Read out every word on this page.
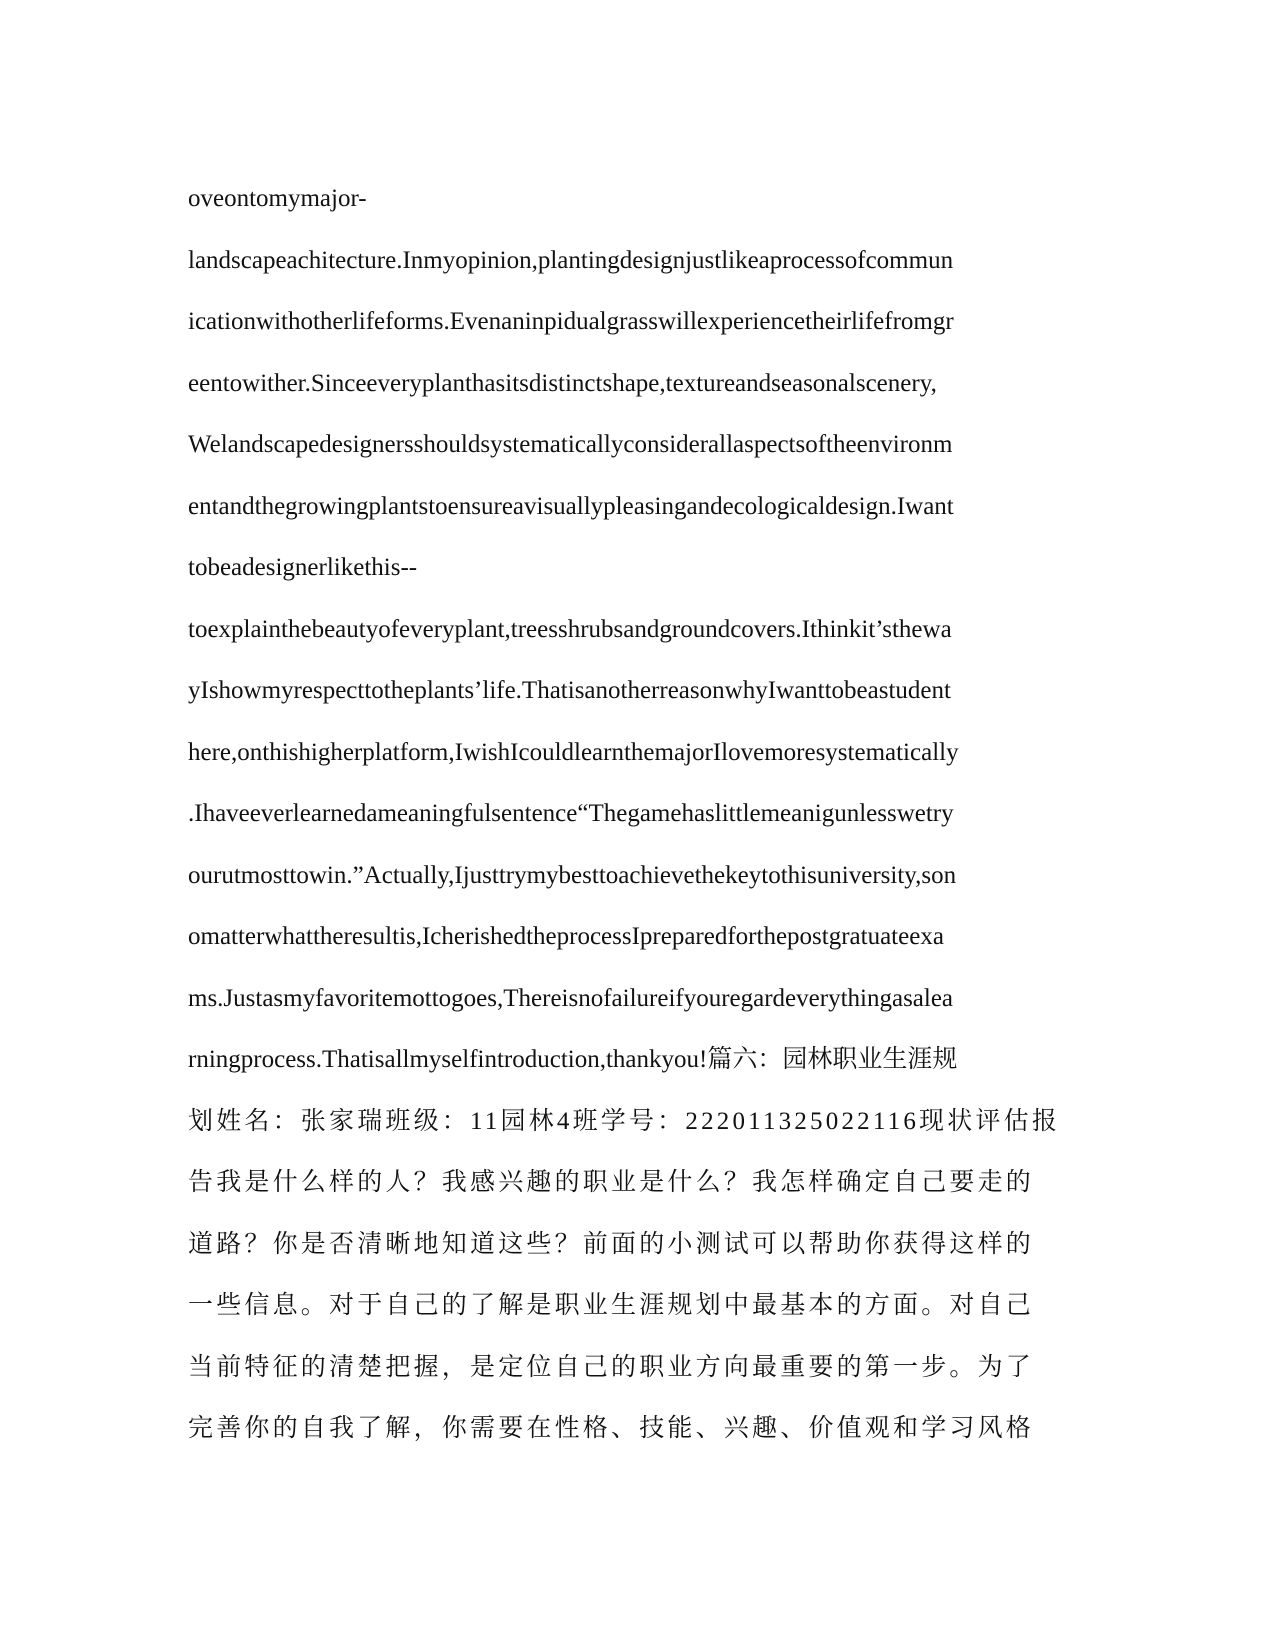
oveontomymajor-
landscapeachitecture.Inmyopinion,plantingdesignjustlikeaprocessofcommun
icationwithotherlifeforms.Evenaninpidualgrasswillexperiencetheirlifefromgr
eentowither.Sinceeveryplanthasitsdistinctshape,textureandseasonalscenery,
Welandscapedesignersshouldsystematicallyconsiderallaspectsoftheenvironm
entandthegrowingplantstoensureavisuallypleasingandecologicaldesign.Iwant
tobeadesignerlikethis--
toexplainthebeautyofeveryplant,treesshrubsandgroundcovers.Ithinkit’sthewa
yIshowmyrespecttotheplants’life.ThatisanotherreasonwhyIwanttobeastudent
here,onthishigherplatform,IwishIcouldlearnthemajorIlovemoresystematically
.Ihaveeverlearnedameaningfulsentence“Thegamehaslittlemeanigunlesswetry
ourutmosttowin.”Actually,Ijusttrymybesttoachievethekeytothisuniversity,son
omatterwhattheresultis,IcherishedtheprocessIpreparedforthepostgratuateexa
ms.Justasmyfavoritemottogoes,Thereisnofailureifyouregardeverythingasalea
rningprocess.Thatisallmyselfintroduction,thankyou!篇六：园林职业生涯规
划姓名：张家瑞班级：11园林4班学号：222011325022116现状评估报
告我是什么样的人？我感兴趣的职业是什么？我怎样确定自己要走的
道路？你是否清晰地知道这些？前面的小测试可以帮助你获得这样的
一些信息。对于自己的了解是职业生涯规划中最基本的方面。对自己
当前特征的清楚把握，是定位自己的职业方向最重要的第一步。为了
完善你的自我了解，你需要在性格、技能、兴趣、价值观和学习风格
